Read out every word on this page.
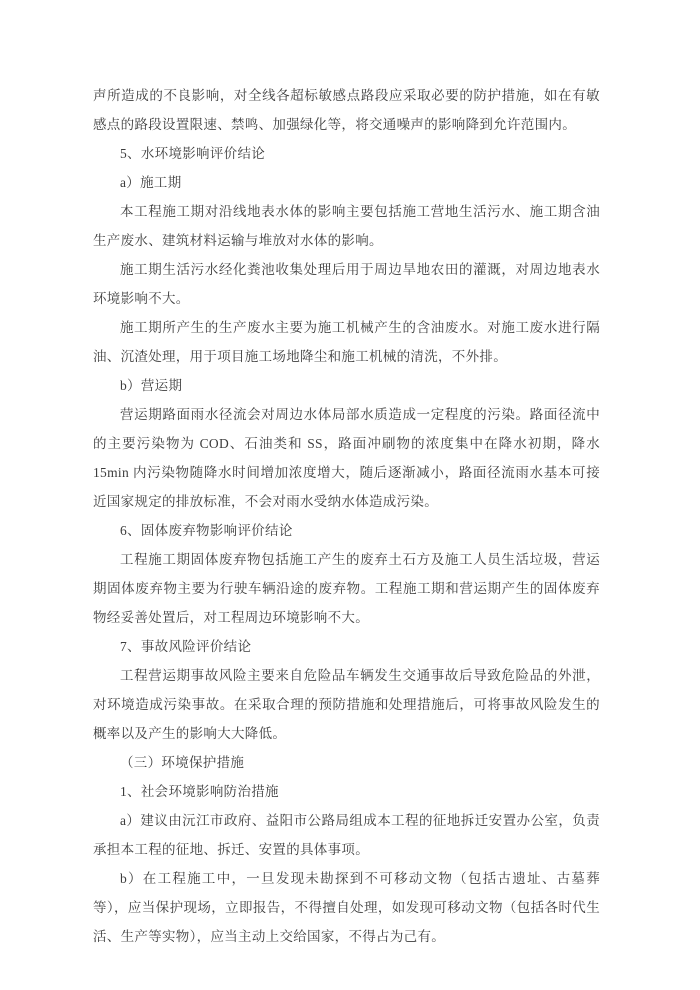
声所造成的不良影响，对全线各超标敏感点路段应采取必要的防护措施，如在有敏感点的路段设置限速、禁鸣、加强绿化等，将交通噪声的影响降到允许范围内。

5、水环境影响评价结论

a）施工期

本工程施工期对沿线地表水体的影响主要包括施工营地生活污水、施工期含油生产废水、建筑材料运输与堆放对水体的影响。

施工期生活污水经化粪池收集处理后用于周边旱地农田的灌溉，对周边地表水环境影响不大。

施工期所产生的生产废水主要为施工机械产生的含油废水。对施工废水进行隔油、沉渣处理，用于项目施工场地降尘和施工机械的清洗，不外排。

b）营运期

营运期路面雨水径流会对周边水体局部水质造成一定程度的污染。路面径流中的主要污染物为 COD、石油类和 SS，路面冲刷物的浓度集中在降水初期，降水 15min 内污染物随降水时间增加浓度增大，随后逐渐减小，路面径流雨水基本可接近国家规定的排放标准，不会对雨水受纳水体造成污染。

6、固体废弃物影响评价结论

工程施工期固体废弃物包括施工产生的废弃土石方及施工人员生活垃圾，营运期固体废弃物主要为行驶车辆沿途的废弃物。工程施工期和营运期产生的固体废弃物经妥善处置后，对工程周边环境影响不大。

7、事故风险评价结论

工程营运期事故风险主要来自危险品车辆发生交通事故后导致危险品的外泄，对环境造成污染事故。在采取合理的预防措施和处理措施后，可将事故风险发生的概率以及产生的影响大大降低。

（三）环境保护措施

1、社会环境影响防治措施

a）建议由沅江市政府、益阳市公路局组成本工程的征地拆迁安置办公室，负责承担本工程的征地、拆迁、安置的具体事项。

b）在工程施工中，一旦发现未勘探到不可移动文物（包括古遗址、古墓葬等），应当保护现场，立即报告，不得擅自处理，如发现可移动文物（包括各时代生活、生产等实物），应当主动上交给国家，不得占为己有。
